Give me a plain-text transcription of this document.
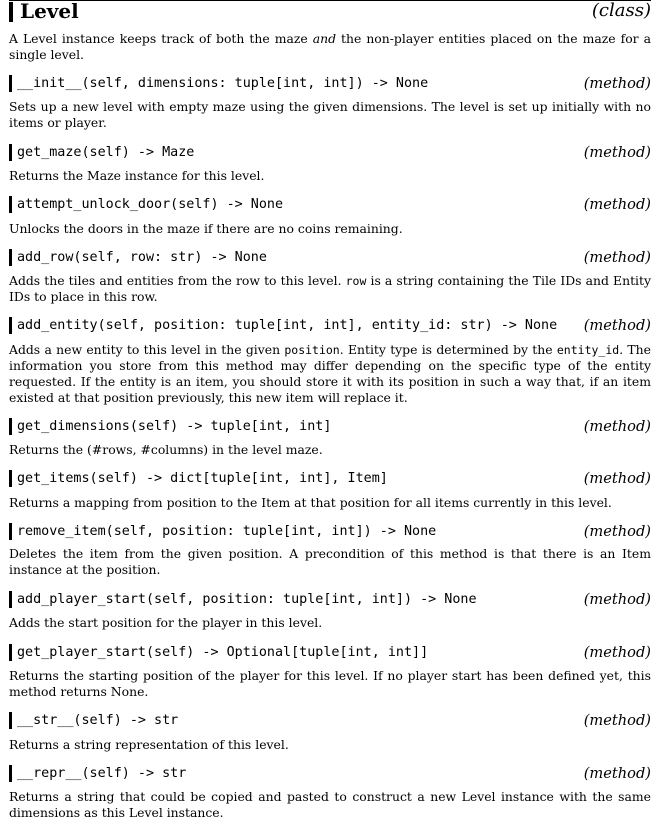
Level	(class)
A Level instance keeps track of both the maze and the non-player entities placed on the maze for a single level.
__init__(self, dimensions: tuple[int, int]) -> None	(method)
Sets up a new level with empty maze using the given dimensions. The level is set up initially with no items or player.
get_maze(self) -> Maze	(method)
Returns the Maze instance for this level.
attempt_unlock_door(self) -> None	(method)
Unlocks the doors in the maze if there are no coins remaining.
add_row(self, row: str) -> None	(method)
Adds the tiles and entities from the row to this level. row is a string containing the Tile IDs and Entity IDs to place in this row.
add_entity(self, position: tuple[int, int], entity_id: str) -> None (method)
Adds a new entity to this level in the given position. Entity type is determined by the entity_id. The information you store from this method may differ depending on the specific type of the entity requested. If the entity is an item, you should store it with its position in such a way that, if an item existed at that position previously, this new item will replace it.
get_dimensions(self) -> tuple[int, int]	(method)
Returns the (#rows, #columns) in the level maze.
get_items(self) -> dict[tuple[int, int], Item]	(method)
Returns a mapping from position to the Item at that position for all items currently in this level.
remove_item(self, position: tuple[int, int]) -> None	(method)
Deletes the item from the given position. A precondition of this method is that there is an Item instance at the position.
add_player_start(self, position: tuple[int, int]) -> None	(method)
Adds the start position for the player in this level.
get_player_start(self) -> Optional[tuple[int, int]]	(method)
Returns the starting position of the player for this level. If no player start has been defined yet, this method returns None.
__str__(self) -> str	(method)
Returns a string representation of this level.
__repr__(self) -> str	(method)
Returns a string that could be copied and pasted to construct a new Level instance with the same dimensions as this Level instance.
